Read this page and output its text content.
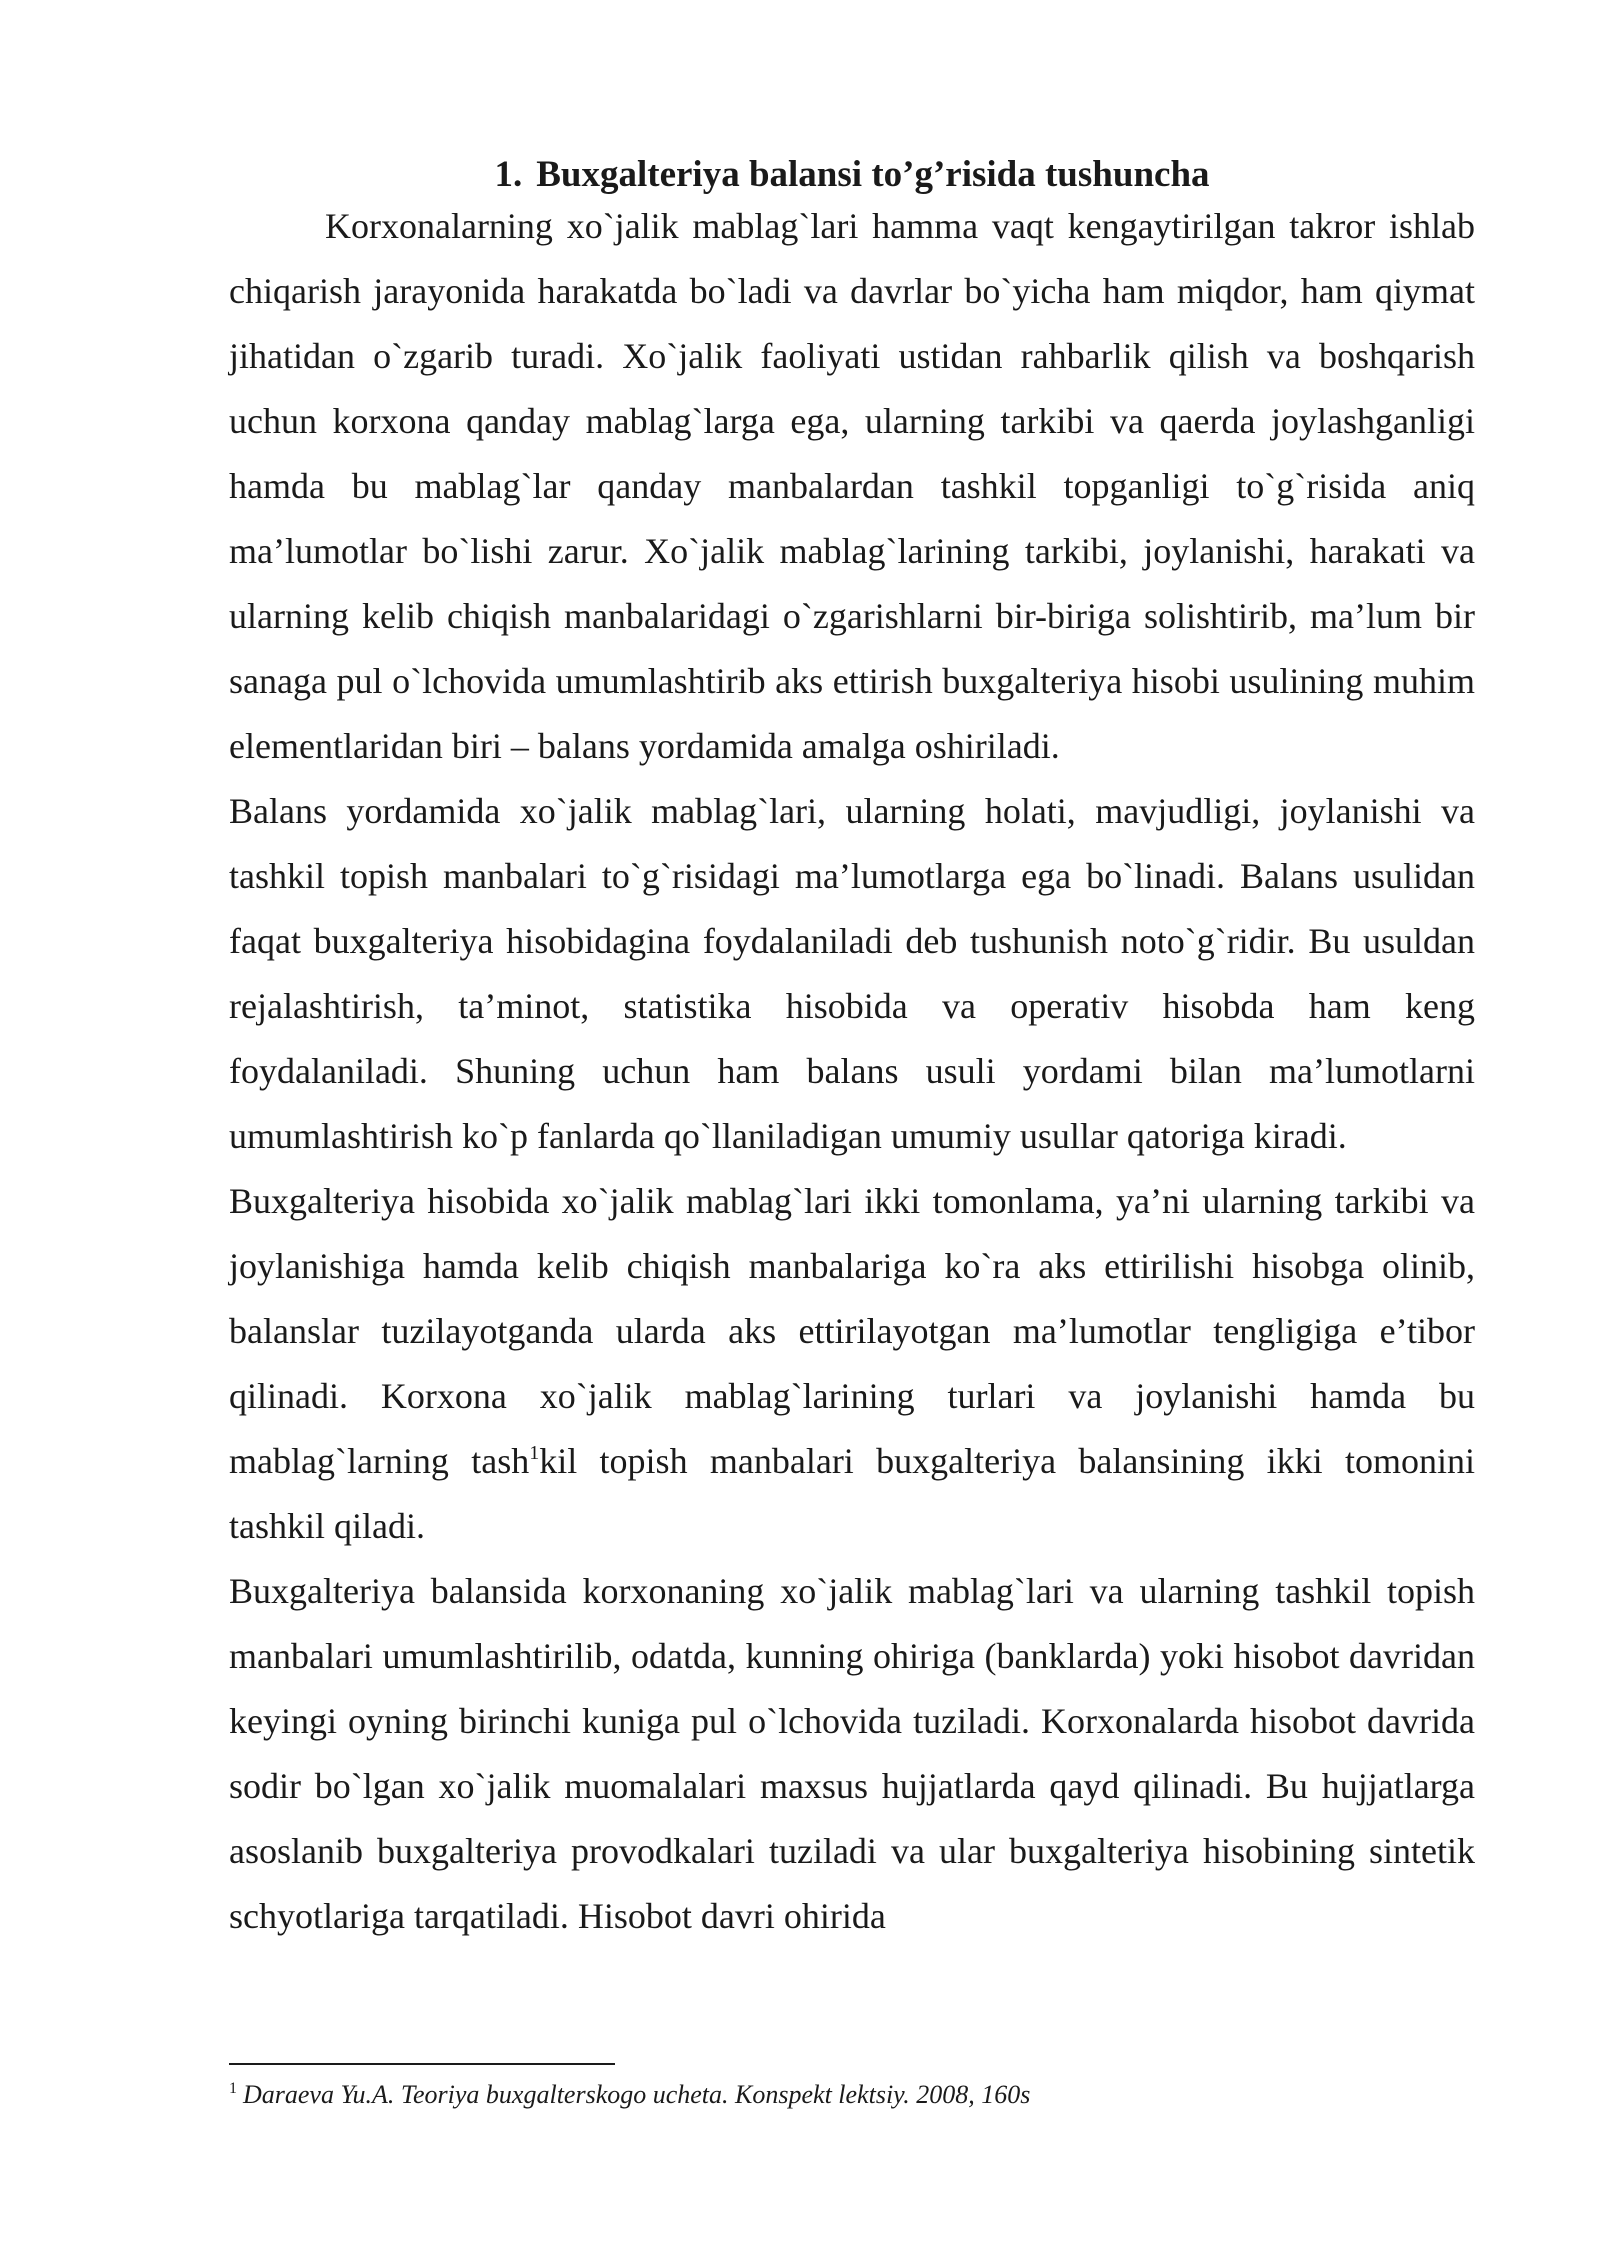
1. Buxgalteriya balansi to’g’risida tushuncha

Korxonalarning xo`jalik mablag`lari hamma vaqt kengaytirilgan takror ishlab chiqarish jarayonida harakatda bo`ladi va davrlar bo`yicha ham miqdor, ham qiymat jihatidan o`zgarib turadi. Xo`jalik faoliyati ustidan rahbarlik qilish va boshqarish uchun korxona qanday mablag`larga ega, ularning tarkibi va qaerda joylashganligi hamda bu mablag`lar qanday manbalardan tashkil topganligi to`g`risida aniq ma’lumotlar bo`lishi zarur. Xo`jalik mablag`larining tarkibi, joylanishi, harakati va ularning kelib chiqish manbalaridagi o`zgarishlarni bir-biriga solishtirib, ma’lum bir sanaga pul o`lchovida umumlashtirib aks ettirish buxgalteriya hisobi usulining muhim elementlaridan biri – balans yordamida amalga oshiriladi.

Balans yordamida xo`jalik mablag`lari, ularning holati, mavjudligi, joylanishi va tashkil topish manbalari to`g`risidagi ma’lumotlarga ega bo`linadi. Balans usulidan faqat buxgalteriya hisobidagina foydalaniladi deb tushunish noto`g`ridir. Bu usuldan rejalashtirish, ta’minot, statistika hisobida va operativ hisobda ham keng foydalaniladi. Shuning uchun ham balans usuli yordami bilan ma’lumotlarni umumlashtirish ko`p fanlarda qo`llaniladigan umumiy usullar qatoriga kiradi.

Buxgalteriya hisobida xo`jalik mablag`lari ikki tomonlama, ya’ni ularning tarkibi va joylanishiga hamda kelib chiqish manbalariga ko`ra aks ettirilishi hisobga olinib, balanslar tuzilayotganda ularda aks ettirilayotgan ma’lumotlar tengligiga e’tibor qilinadi. Korxona xo`jalik mablag`larining turlari va joylanishi hamda bu mablag`larning tash$^1$kil topish manbalari buxgalteriya balansining ikki tomonini tashkil qiladi.

Buxgalteriya balansida korxonaning xo`jalik mablag`lari va ularning tashkil topish manbalari umumlashtirilib, odatda, kunning ohiriga (banklarda) yoki hisobot davridan keyingi oyning birinchi kuniga pul o`lchovida tuziladi. Korxonalarda hisobot davrida sodir bo`lgan xo`jalik muomalalari maxsus hujjatlarda qayd qilinadi. Bu hujjatlarga asoslanib buxgalteriya provodkalari tuziladi va ular buxgalteriya hisobining sintetik schyotlariga tarqatiladi. Hisobot davri ohirida

$^1$ Daraeva Yu.A. Teoriya buxgalterskogo ucheta. Konspekt lektsiy. 2008, 160s
